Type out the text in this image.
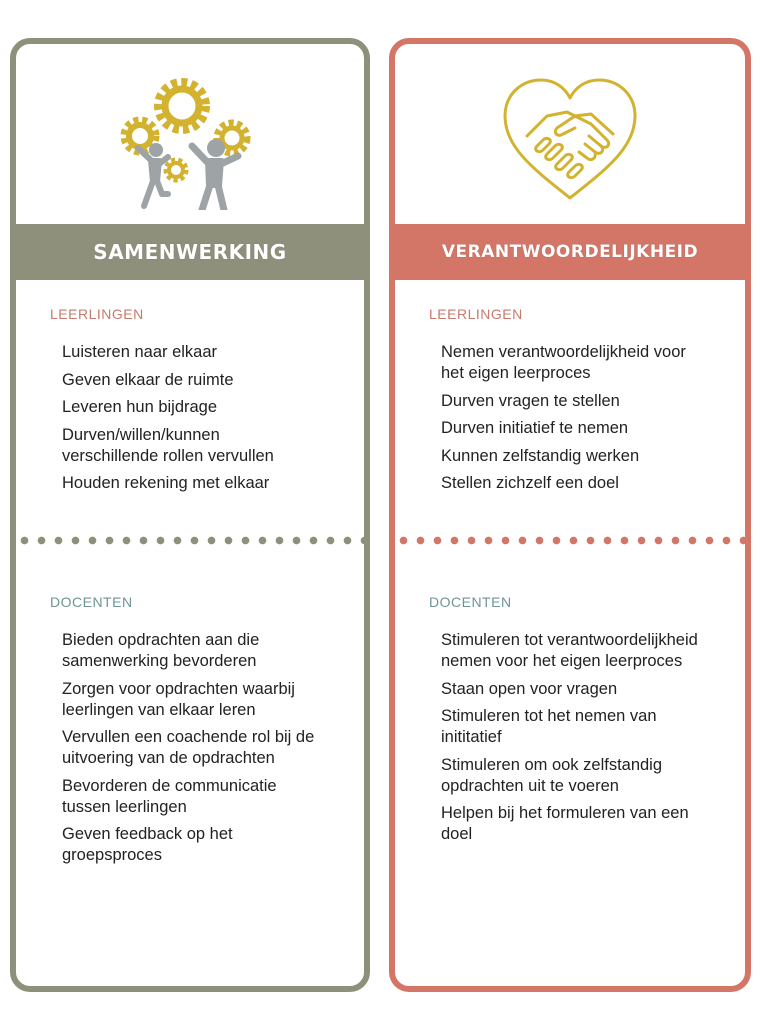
SAMENWERKING
LEERLINGEN
Luisteren naar elkaar
Geven elkaar de ruimte
Leveren hun bijdrage
Durven/willen/kunnen verschillende rollen vervullen
Houden rekening met elkaar
DOCENTEN
Bieden opdrachten aan die samenwerking bevorderen
Zorgen voor opdrachten waarbij leerlingen van elkaar leren
Vervullen een coachende rol bij de uitvoering van de opdrachten
Bevorderen de communicatie tussen leerlingen
Geven feedback op het groepsproces
VERANTWOORDELIJKHEID
LEERLINGEN
Nemen verantwoordelijkheid voor het eigen leerproces
Durven vragen te stellen
Durven initiatief te nemen
Kunnen zelfstandig werken
Stellen zichzelf een doel
DOCENTEN
Stimuleren tot verantwoordelijkheid nemen voor het eigen leerproces
Staan open voor vragen
Stimuleren tot het nemen van inititatief
Stimuleren om ook zelfstandig opdrachten uit te voeren
Helpen bij het formuleren van een doel
